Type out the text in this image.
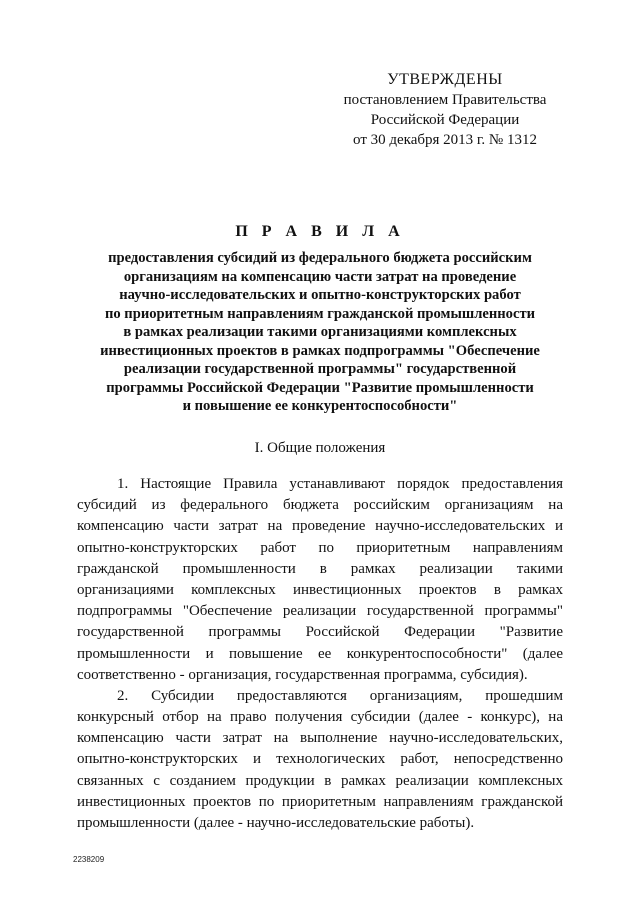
УТВЕРЖДЕНЫ
постановлением Правительства
Российской Федерации
от 30 декабря 2013 г. № 1312
П Р А В И Л А
предоставления субсидий из федерального бюджета российским
организациям на компенсацию части затрат на проведение
научно-исследовательских и опытно-конструкторских работ
по приоритетным направлениям гражданской промышленности
в рамках реализации такими организациями комплексных
инвестиционных проектов в рамках подпрограммы "Обеспечение
реализации государственной программы" государственной
программы Российской Федерации "Развитие промышленности
и повышение ее конкурентоспособности"
I. Общие положения
1. Настоящие Правила устанавливают порядок предоставления
субсидий из федерального бюджета российским организациям на
компенсацию части затрат на проведение научно-исследовательских и
опытно-конструкторских работ по приоритетным направлениям
гражданской промышленности в рамках реализации такими
организациями комплексных инвестиционных проектов в рамках
подпрограммы "Обеспечение реализации государственной программы"
государственной программы Российской Федерации "Развитие
промышленности и повышение ее конкурентоспособности" (далее
соответственно - организация, государственная программа, субсидия).
2. Субсидии предоставляются организациям, прошедшим
конкурсный отбор на право получения субсидии (далее - конкурс), на
компенсацию части затрат на выполнение научно-исследовательских,
опытно-конструкторских и технологических работ, непосредственно
связанных с созданием продукции в рамках реализации комплексных
инвестиционных проектов по приоритетным направлениям гражданской
промышленности (далее - научно-исследовательские работы).
2238209
